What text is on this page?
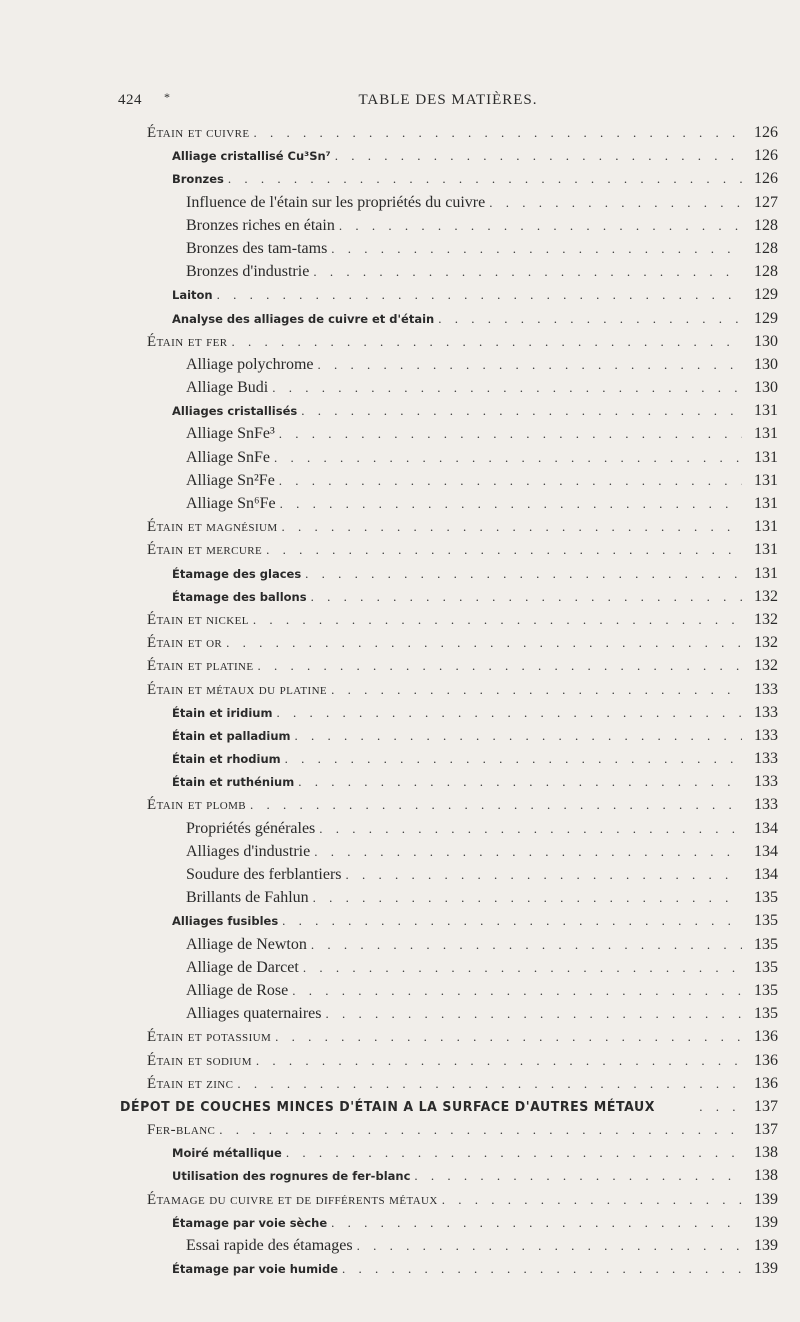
424 *	TABLE DES MATIÈRES.
Étain et cuivre . . .	126
Alliage cristallisé Cu³Sn⁷ . . .	126
Bronzes . . .	126
Influence de l'étain sur les propriétés du cuivre . . .	127
Bronzes riches en étain . . .	128
Bronzes des tam-tams . . .	128
Bronzes d'industrie . . .	128
Laiton . . .	129
Analyse des alliages de cuivre et d'étain . . .	129
Étain et fer . . .	130
Alliage polychrome . . .	130
Alliage Budi . . .	130
Alliages cristallisés . . .	131
Alliage SnFe³ . . .	131
Alliage SnFe . . .	131
Alliage Sn²Fe . . .	131
Alliage Sn⁶Fe . . .	131
Étain et magnésium . . .	131
Étain et mercure . . .	131
Étamage des glaces . . .	131
Étamage des ballons . . .	132
Étain et nickel . . .	132
Étain et or . . .	132
Étain et platine . . .	132
Étain et métaux du platine . . .	133
Étain et iridium . . .	133
Étain et palladium . . .	133
Étain et rhodium . . .	133
Étain et ruthénium . . .	133
Étain et plomb . . .	133
Propriétés générales . . .	134
Alliages d'industrie . . .	134
Soudure des ferblantiers . . .	134
Brillants de Fahlun . . .	135
Alliages fusibles . . .	135
Alliage de Newton . . .	135
Alliage de Darcet . . .	135
Alliage de Rose . . .	135
Alliages quaternaires . . .	135
Étain et potassium . . .	136
Étain et sodium . . .	136
Étain et zinc . . .	136
DÉPOT DE COUCHES MINCES D'ÉTAIN A LA SURFACE D'AUTRES MÉTAUX . . .	137
Fer-blanc . . .	137
Moiré métallique . . .	138
Utilisation des rognures de fer-blanc . . .	138
Étamage du cuivre et de différents métaux . . .	139
Étamage par voie sèche . . .	139
Essai rapide des étamages . . .	139
Étamage par voie humide . . .	139
